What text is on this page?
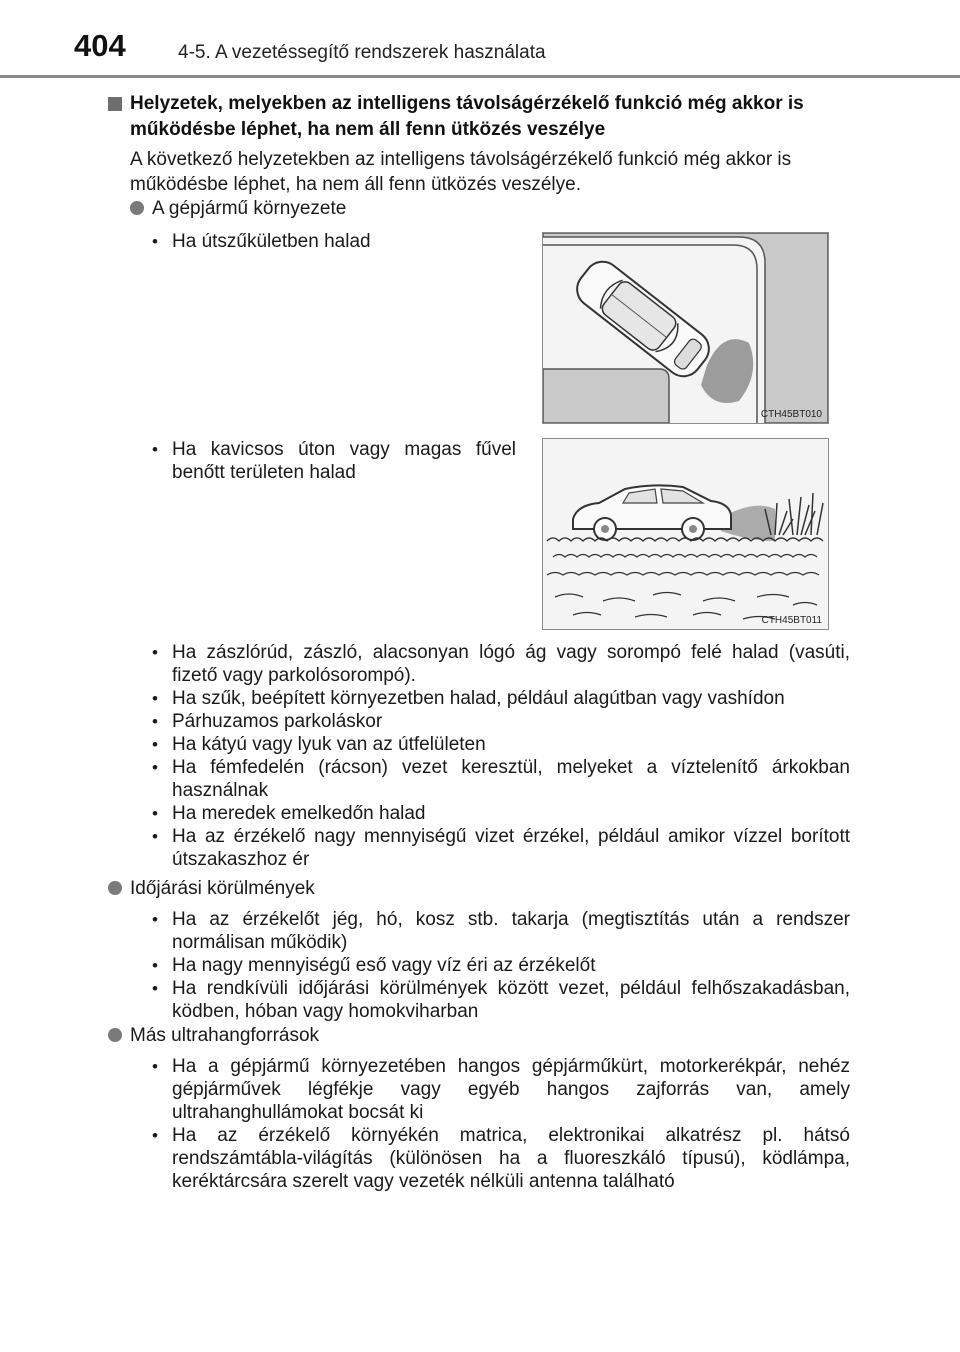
404	4-5. A vezetéssegítő rendszerek használata
Helyzetek, melyekben az intelligens távolságérzékelő funkció még akkor is működésbe léphet, ha nem áll fenn ütközés veszélye
A következő helyzetekben az intelligens távolságérzékelő funkció még akkor is működésbe léphet, ha nem áll fenn ütközés veszélye.
A gépjármű környezete
• Ha útszűkületben halad
• Ha kavicsos úton vagy magas fűvel benőtt területen halad
CTH45BT010
CTH45BT011
• Ha zászlórúd, zászló, alacsonyan lógó ág vagy sorompó felé halad (vasúti, fizető vagy parkolósorompó).
• Ha szűk, beépített környezetben halad, például alagútban vagy vashídon
• Párhuzamos parkoláskor
• Ha kátyú vagy lyuk van az útfelületen
• Ha fémfedelén (rácson) vezet keresztül, melyeket a víztelenítő árkokban használnak
• Ha meredek emelkedőn halad
• Ha az érzékelő nagy mennyiségű vizet érzékel, például amikor vízzel borított útszakaszhoz ér
Időjárási körülmények
• Ha az érzékelőt jég, hó, kosz stb. takarja (megtisztítás után a rendszer normálisan működik)
• Ha nagy mennyiségű eső vagy víz éri az érzékelőt
• Ha rendkívüli időjárási körülmények között vezet, például felhőszakadásban, ködben, hóban vagy homokviharban
Más ultrahangforrások
• Ha a gépjármű környezetében hangos gépjárműkürt, motorkerékpár, nehéz gépjárművek légfékje vagy egyéb hangos zajforrás van, amely ultrahanghullámokat bocsát ki
• Ha az érzékelő környékén matrica, elektronikai alkatrész pl. hátsó rendszámtábla-világítás (különösen ha a fluoreszkáló típusú), ködlámpa, keréktárcsára szerelt vagy vezeték nélküli antenna található
